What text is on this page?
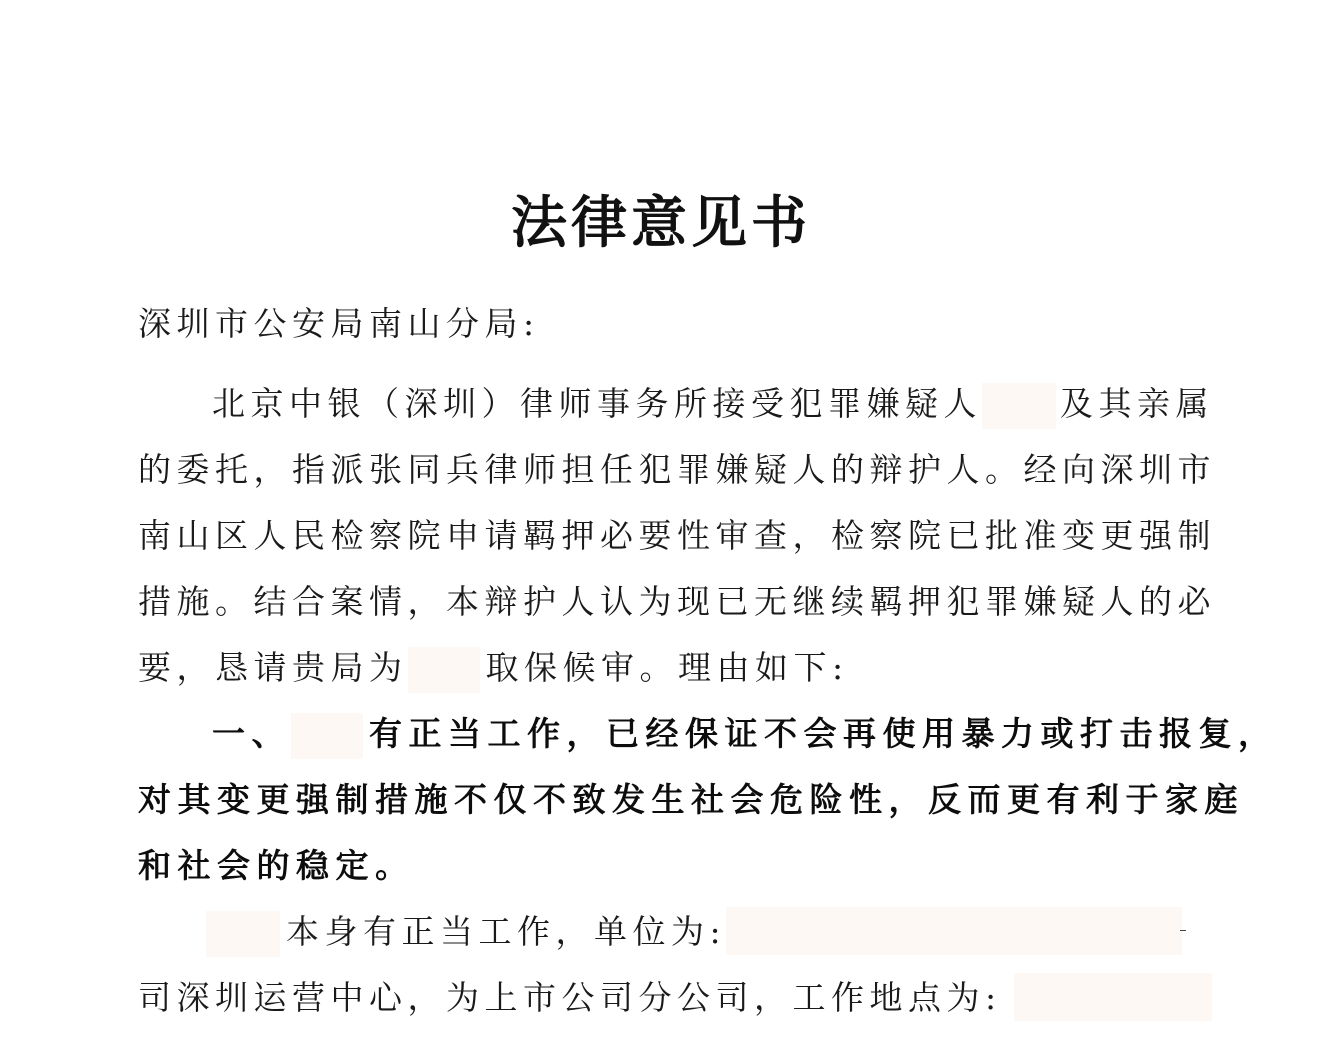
法律意见书
深圳市公安局南山分局:
北京中银（深圳）律师事务所接受犯罪嫌疑人 及其亲属
的委托，指派张同兵律师担任犯罪嫌疑人的辩护人。经向深圳市
南山区人民检察院申请羁押必要性审查，检察院已批准变更强制
措施。结合案情，本辩护人认为现已无继续羁押犯罪嫌疑人的必
要，恳请贵局为 取保候审。理由如下:
一、 有正当工作，已经保证不会再使用暴力或打击报复，
对其变更强制措施不仅不致发生社会危险性，反而更有利于家庭
和社会的稳定。
本身有正当工作，单位为:
司深圳运营中心，为上市公司分公司，工作地点为:
